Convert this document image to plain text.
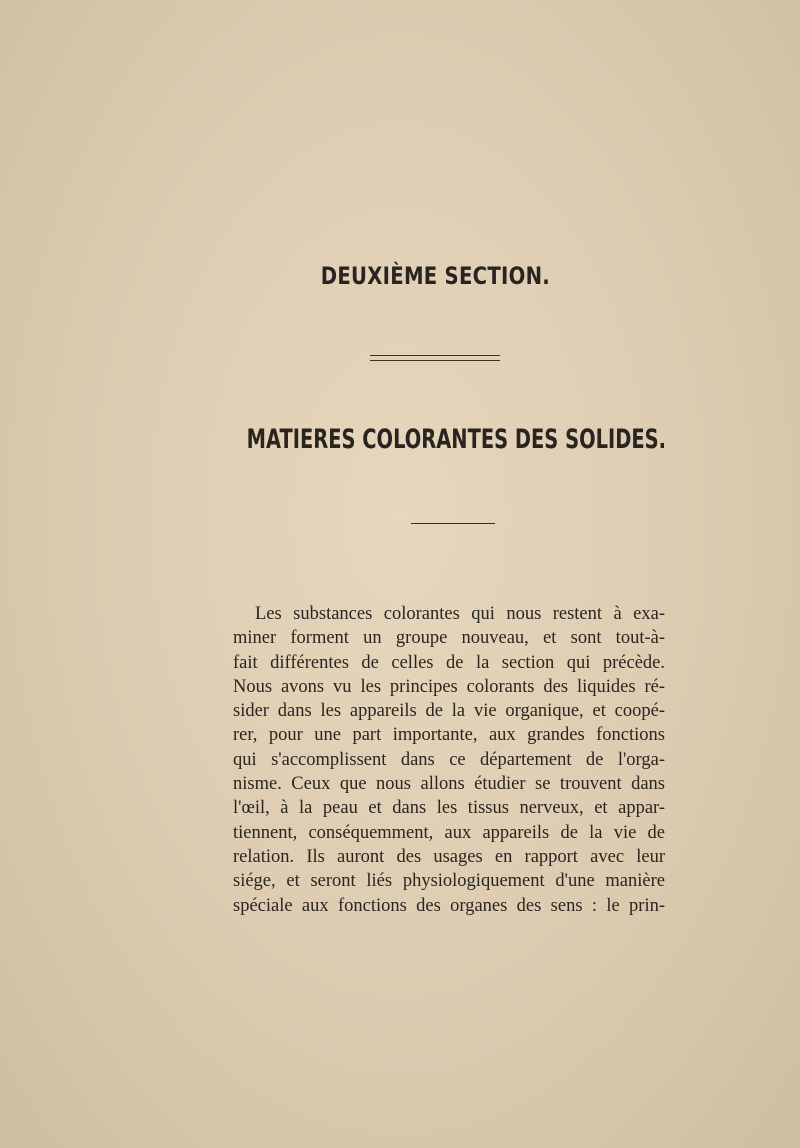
DEUXIÈME SECTION.
MATIERES COLORANTES DES SOLIDES.
Les substances colorantes qui nous restent à exa-
miner forment un groupe nouveau, et sont tout-à-
fait différentes de celles de la section qui précède.
Nous avons vu les principes colorants des liquides ré-
sider dans les appareils de la vie organique, et coopé-
rer, pour une part importante, aux grandes fonctions
qui s'accomplissent dans ce département de l'orga-
nisme. Ceux que nous allons étudier se trouvent dans
l'œil, à la peau et dans les tissus nerveux, et appar-
tiennent, conséquemment, aux appareils de la vie de
relation. Ils auront des usages en rapport avec leur
siége, et seront liés physiologiquement d'une manière
spéciale aux fonctions des organes des sens : le prin-
